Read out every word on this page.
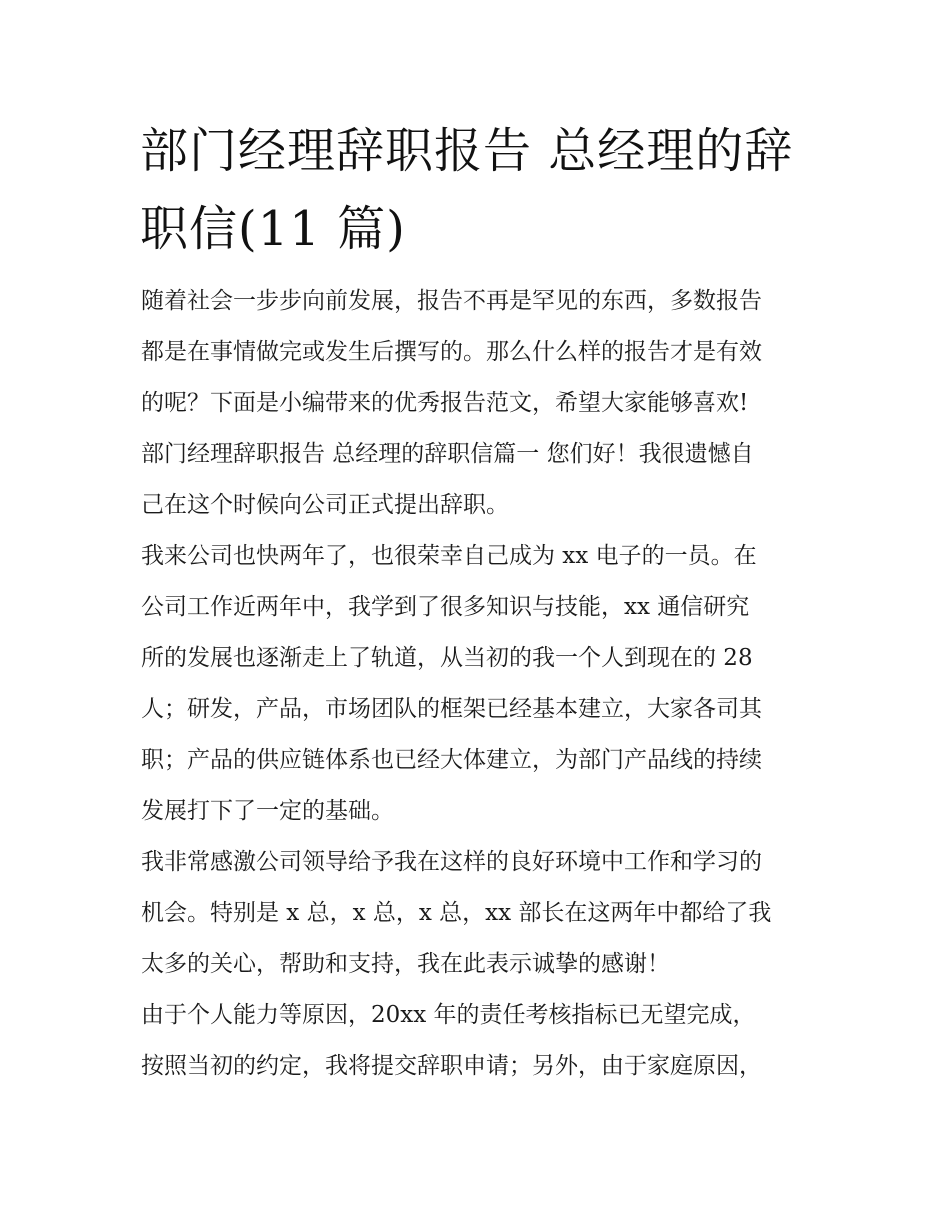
部门经理辞职报告 总经理的辞
职信(11 篇)
随着社会一步步向前发展，报告不再是罕见的东西，多数报告
都是在事情做完或发生后撰写的。那么什么样的报告才是有效
的呢？下面是小编带来的优秀报告范文，希望大家能够喜欢!
部门经理辞职报告 总经理的辞职信篇一 您们好！我很遗憾自
己在这个时候向公司正式提出辞职。
我来公司也快两年了，也很荣幸自己成为 xx 电子的一员。在
公司工作近两年中，我学到了很多知识与技能，xx 通信研究
所的发展也逐渐走上了轨道，从当初的我一个人到现在的 28
人；研发，产品，市场团队的框架已经基本建立，大家各司其
职；产品的供应链体系也已经大体建立，为部门产品线的持续
发展打下了一定的基础。
我非常感激公司领导给予我在这样的良好环境中工作和学习的
机会。特别是 x 总，x 总，x 总，xx 部长在这两年中都给了我
太多的关心，帮助和支持，我在此表示诚挚的感谢！
由于个人能力等原因，20xx 年的责任考核指标已无望完成，
按照当初的约定，我将提交辞职申请；另外，由于家庭原因，
